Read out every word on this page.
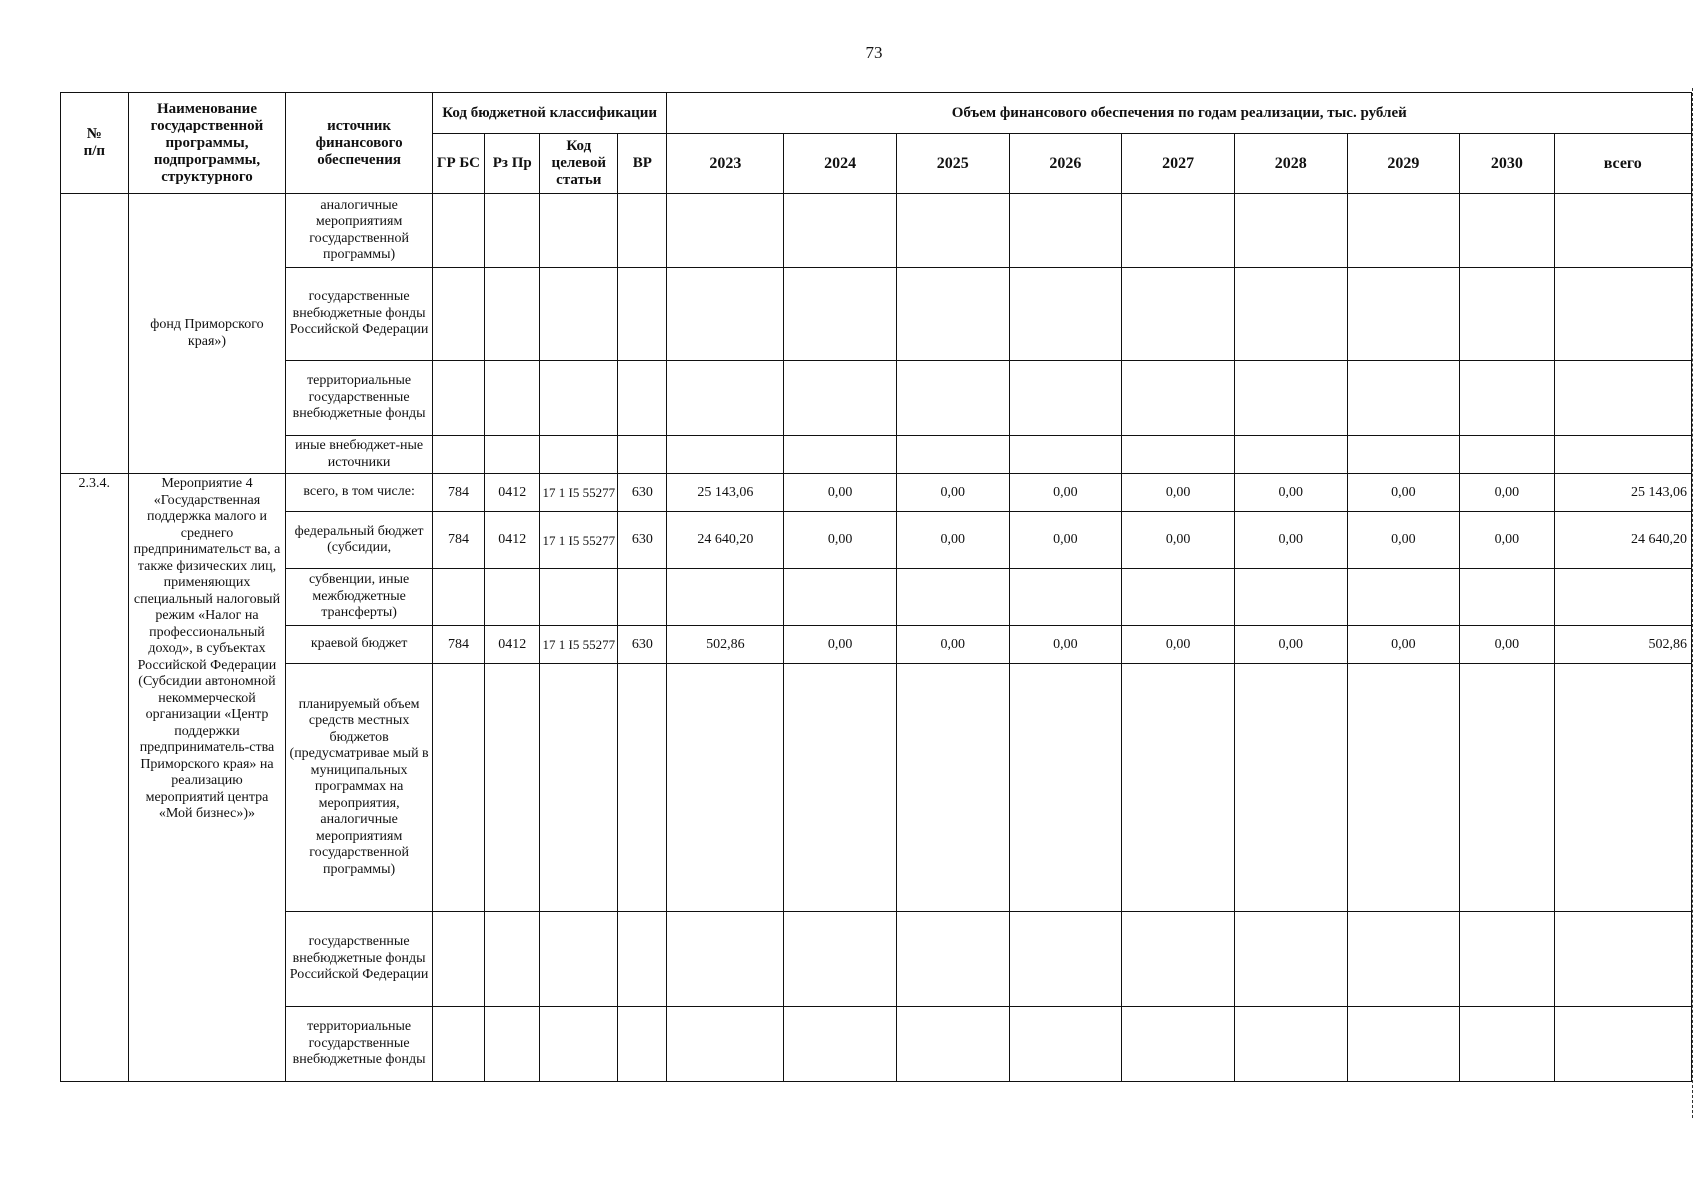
73
№
п/п	Наименование государственной программы, подпрограммы, структурного	источник финансового обеспечения	Код бюджетной классификации				Объем финансового обеспечения по годам реализации, тыс. рублей								
			ГР БС	Рз Пр	Код целевой статьи	ВР	2023	2024	2025	2026	2027	2028	2029	2030	всего
	фонд Приморского края»)	аналогичные мероприятиям государственной программы)													
		государственные внебюджетные фонды Российской Федерации													
		территориальные государственные внебюджетные фонды													
		иные внебюджет-ные источники													
2.3.4.	Мероприятие 4 «Государственная поддержка малого и среднего предпринимательст ва, а также физических лиц, применяющих специальный налоговый режим «Налог на профессиональный доход», в субъектах Российской Федерации (Субсидии автономной некоммерческой организации «Центр поддержки предприниматель-ства Приморского края» на реализацию мероприятий центра «Мой бизнес»)»	всего, в том числе:	784	0412	17 1 I5 55277	630	25 143,06	0,00	0,00	0,00	0,00	0,00	0,00	0,00	25 143,06
		федеральный бюджет (субсидии,	784	0412	17 1 I5 55277	630	24 640,20	0,00	0,00	0,00	0,00	0,00	0,00	0,00	24 640,20
		субвенции, иные межбюджетные трансферты)													
		краевой бюджет	784	0412	17 1 I5 55277	630	502,86	0,00	0,00	0,00	0,00	0,00	0,00	0,00	502,86
		планируемый объем средств местных бюджетов (предусматривае мый в муниципальных программах на мероприятия, аналогичные мероприятиям государственной программы)													
		государственные внебюджетные фонды Российской Федерации													
		территориальные государственные внебюджетные фонды													
